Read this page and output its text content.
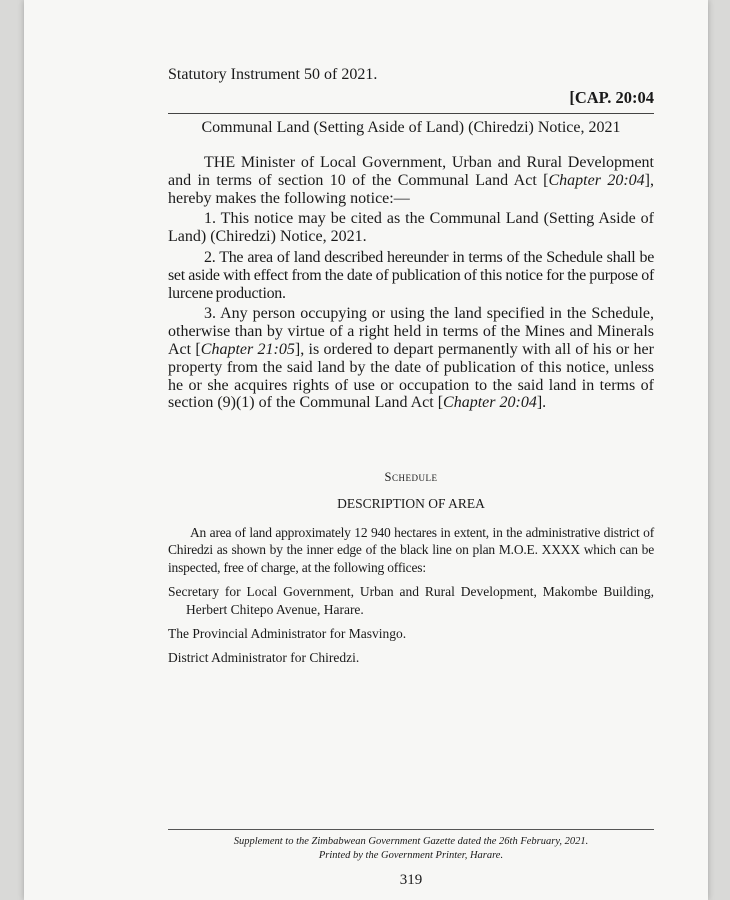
Statutory Instrument 50 of 2021.
[CAP. 20:04
Communal Land (Setting Aside of Land) (Chiredzi) Notice, 2021

THE Minister of Local Government, Urban and Rural Development and in terms of section 10 of the Communal Land Act [Chapter 20:04], hereby makes the following notice:—

1. This notice may be cited as the Communal Land (Setting Aside of Land) (Chiredzi) Notice, 2021.

2. The area of land described hereunder in terms of the Schedule shall be set aside with effect from the date of publication of this notice for the purpose of lurcene production.

3. Any person occupying or using the land specified in the Schedule, otherwise than by virtue of a right held in terms of the Mines and Minerals Act [Chapter 21:05], is ordered to depart permanently with all of his or her property from the said land by the date of publication of this notice, unless he or she acquires rights of use or occupation to the said land in terms of section (9)(1) of the Communal Land Act [Chapter 20:04].

Schedule
DESCRIPTION OF AREA

An area of land approximately 12 940 hectares in extent, in the administrative district of Chiredzi as shown by the inner edge of the black line on plan M.O.E. XXXX which can be inspected, free of charge, at the following offices:

Secretary for Local Government, Urban and Rural Development, Makombe Building, Herbert Chitepo Avenue, Harare.

The Provincial Administrator for Masvingo.

District Administrator for Chiredzi.

Supplement to the Zimbabwean Government Gazette dated the 26th February, 2021.
Printed by the Government Printer, Harare.
319
